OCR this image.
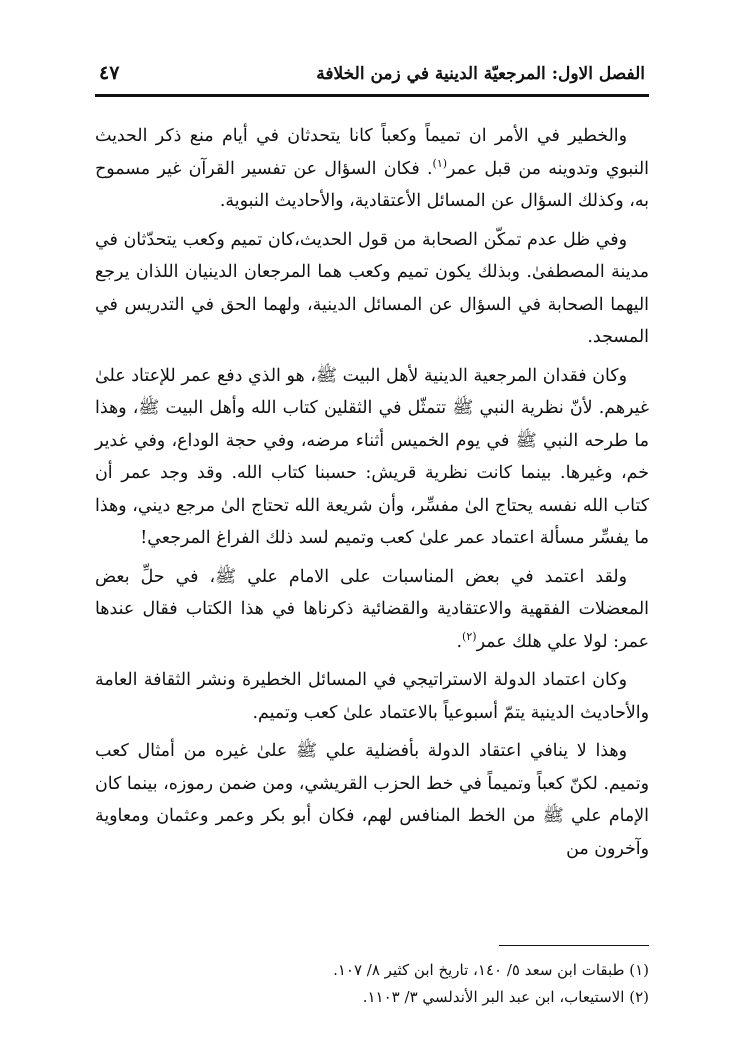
الفصل الاول: المرجعيّة الدينية في زمن الخلافة
٤٧

والخطير في الأمر ان تميماً وكعباً كانا يتحدثان في أيام منع ذكر الحديث النبوي وتدوينه من قبل عمر$^{(١)}$. فكان السؤال عن تفسير القرآن غير مسموح به، وكذلك السؤال عن المسائل الأعتقادية، والأحاديث النبوية.

وفي ظل عدم تمكّن الصحابة من قول الحديث،كان تميم وكعب يتحدّثان في مدينة المصطفىٰ. وبذلك يكون تميم وكعب هما المرجعان الدينيان اللذان يرجع اليهما الصحابة في السؤال عن المسائل الدينية، ولهما الحق في التدريس في المسجد.

وكان فقدان المرجعية الدينية لأهل البيت ﷺ، هو الذي دفع عمر للإعتاد علىٰ غيرهم. لأنّ نظرية النبي ﷺ تتمثّل في الثقلين كتاب الله وأهل البيت ﷺ، وهذا ما طرحه النبي ﷺ في يوم الخميس أثناء مرضه، وفي حجة الوداع، وفي غدير خم، وغيرها. بينما كانت نظرية قريش: حسبنا كتاب الله. وقد وجد عمر أن كتاب الله نفسه يحتاج الىٰ مفسِّر، وأن شريعة الله تحتاج الىٰ مرجع ديني، وهذا ما يفسِّر مسألة اعتماد عمر علىٰ كعب وتميم لسد ذلك الفراغ المرجعي!

ولقد اعتمد في بعض المناسبات على الامام علي ﷺ، في حلِّ بعض المعضلات الفقهية والاعتقادية والقضائية ذكرناها في هذا الكتاب فقال عندها عمر: لولا علي هلك عمر$^{(٢)}$.

وكان اعتماد الدولة الاستراتيجي في المسائل الخطيرة ونشر الثقافة العامة والأحاديث الدينية يتمّ أسبوعياً بالاعتماد علىٰ كعب وتميم.

وهذا لا ينافي اعتقاد الدولة بأفضلية علي ﷺ علىٰ غيره من أمثال كعب وتميم. لكنّ كعباً وتميماً في خط الحزب القريشي، ومن ضمن رموزه، بينما كان الإمام علي ﷺ من الخط المنافس لهم، فكان أبو بكر وعمر وعثمان ومعاوية وآخرون من

(١) طبقات ابن سعد ٥/ ١٤٠، تاريخ ابن كثير ٨/ ١٠٧.

(٢) الاستيعاب، ابن عبد البر الأندلسي ٣/ ١١٠٣.
